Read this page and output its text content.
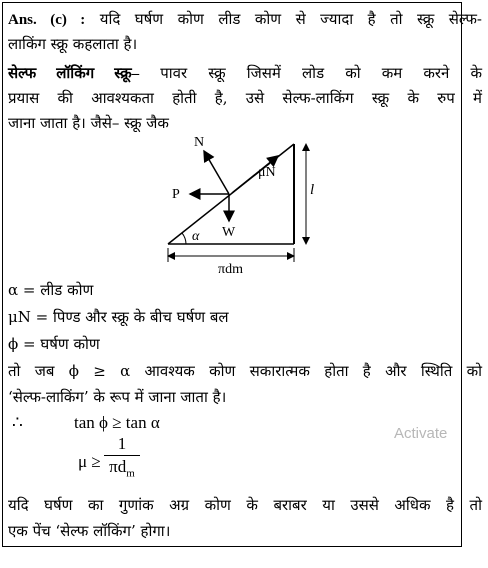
Ans. (c) : यदि घर्षण कोण लीड कोण से ज्यादा है तो स्क्रू सेल्फ-
लाकिंग स्क्रू कहलाता है।
सेल्फ लॉकिंग स्क्रू– पावर स्क्रू जिसमें लोड को कम करने के
प्रयास की आवश्यकता होती है, उसे सेल्फ-लाकिंग स्क्रू के रुप में
जाना जाता है। जैसे– स्क्रू जैक
N
μN
P
W
α
l
πdm
α = लीड कोण
μN = पिण्ड और स्क्रू के बीच घर्षण बल
ϕ = घर्षण कोण
तो जब ϕ ≥ α आवश्यक कोण सकारात्मक होता है और स्थिति को
‘सेल्फ-लाकिंग’ के रूप में जाना जाता है।
∴	tan ϕ ≥ tan α
μ ≥
1
$\pi d_m$
Activate
यदि घर्षण का गुणांक अग्र कोण के बराबर या उससे अधिक है तो
एक पेंच ‘सेल्फ लॉकिंग’ होगा।
